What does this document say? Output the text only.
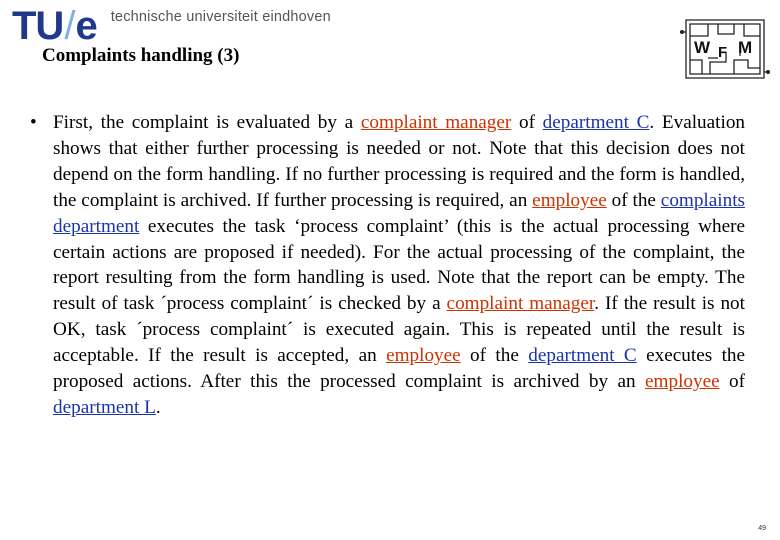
TU/e technische universiteit eindhoven
Complaints handling (3)	W F M
• First, the complaint is evaluated by a complaint manager of department C. Evaluation shows that either further processing is needed or not. Note that this decision does not depend on the form handling. If no further processing is required and the form is handled, the complaint is archived. If further processing is required, an employee of the complaints department executes the task ‘process complaint’ (this is the actual processing where certain actions are proposed if needed). For the actual processing of the complaint, the report resulting from the form handling is used. Note that the report can be empty. The result of task ´process complaint´ is checked by a complaint manager. If the result is not OK, task ´process complaint´ is executed again. This is repeated until the result is acceptable. If the result is accepted, an employee of the department C executes the proposed actions. After this the processed complaint is archived by an employee of department L.

49
